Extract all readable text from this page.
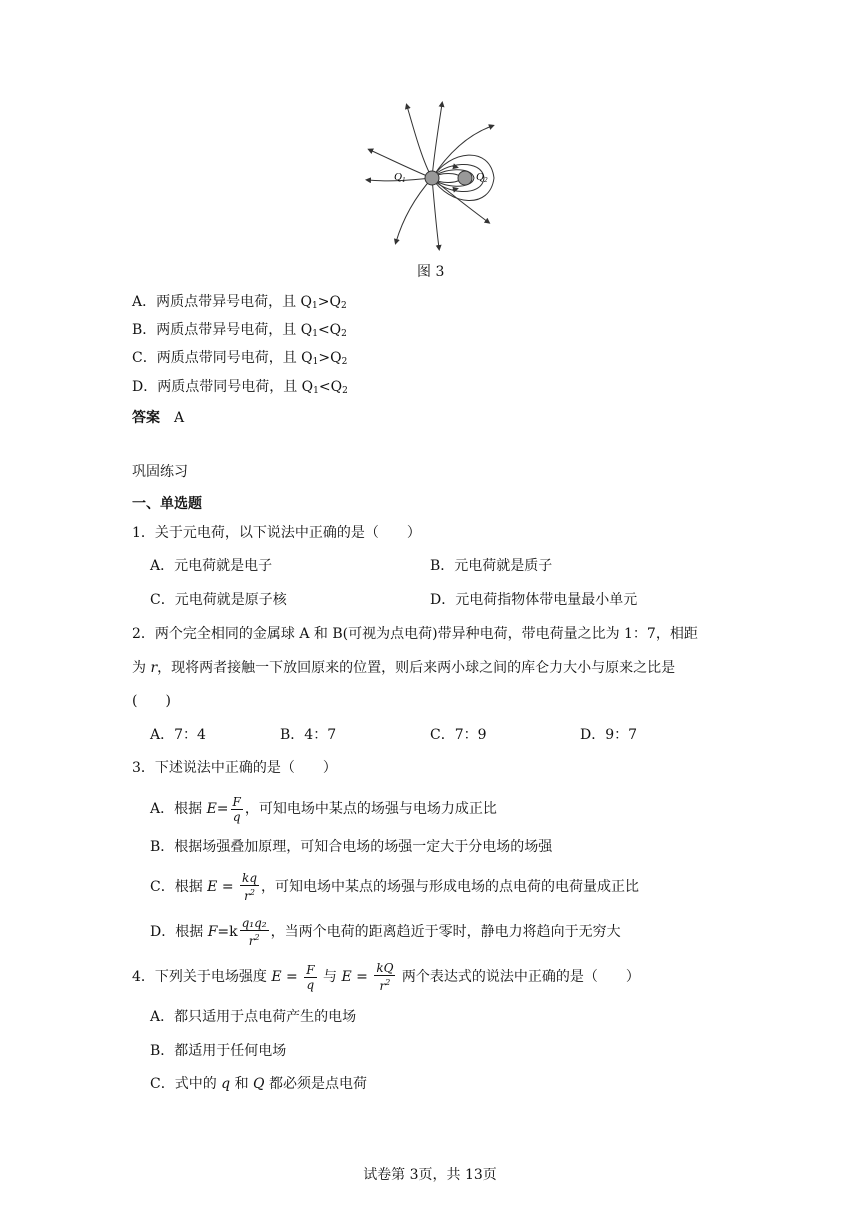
Q1	Q2
图 3
A．两质点带异号电荷，且 $Q_1>Q_2$
B．两质点带异号电荷，且 $Q_1<Q_2$
C．两质点带同号电荷，且 $Q_1>Q_2$
D．两质点带同号电荷，且 $Q_1<Q_2$
答案　 A
巩固练习
一、单选题
1．关于元电荷，以下说法中正确的是（　　）
A．元电荷就是电子	B．元电荷就是质子
C．元电荷就是原子核	D．元电荷指物体带电量最小单元
2．两个完全相同的金属球 A 和 B(可视为点电荷)带异种电荷，带电荷量之比为 1：7，相距
为 r，现将两者接触一下放回原来的位置，则后来两小球之间的库仑力大小与原来之比是
(　　)
A．7：4	B．4：7	C．7：9	D．9：7
3．下述说法中正确的是（　　）
A．根据 $E= \frac{F}{q}$ ，可知电场中某点的场强与电场力成正比
B．根据场强叠加原理，可知合电场的场强一定大于分电场的场强
C．根据 $E = \frac{kq}{r^2}$ ，可知电场中某点的场强与形成电场的点电荷的电荷量成正比
D．根据 $F=k \frac{\text{q₁q₂}}{r^2}$ ，当两个电荷的距离趋近于零时，静电力将趋向于无穷大
4．下列关于电场强度 $E = \frac{F}{q}$ 与 $E = \frac{kQ}{r^2}$ 两个表达式的说法中正确的是（　　）
A．都只适用于点电荷产生的电场
B．都适用于任何电场
C．式中的 q 和 Q 都必须是点电荷
试卷第 3页，共 13页
